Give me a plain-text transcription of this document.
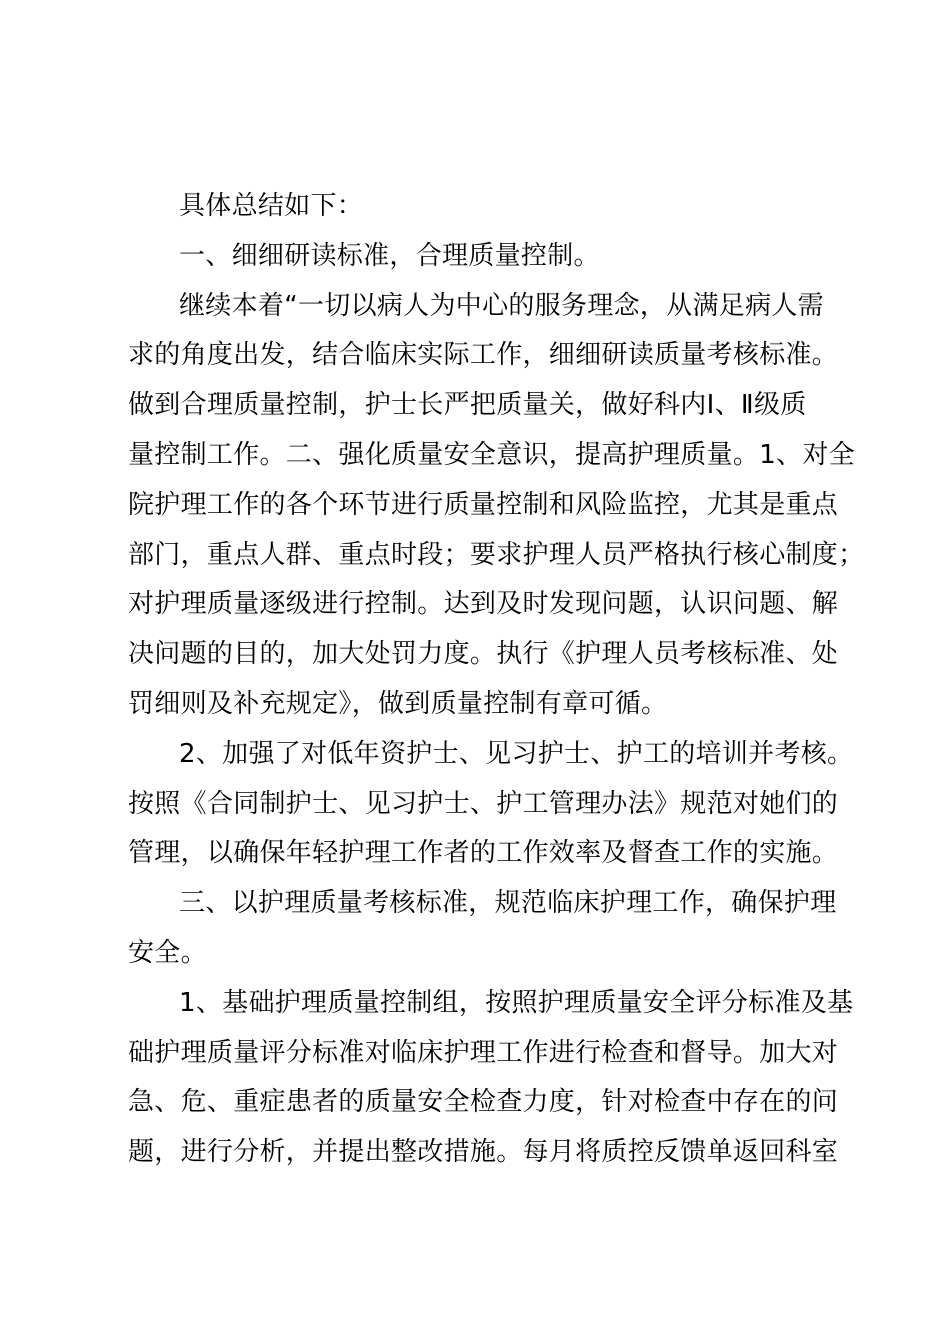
具体总结如下：
一、细细研读标准，合理质量控制。
继续本着“一切以病人为中心的服务理念，从满足病人需
求的角度出发，结合临床实际工作，细细研读质量考核标准。
做到合理质量控制，护士长严把质量关，做好科内Ⅰ、Ⅱ级质
量控制工作。二、强化质量安全意识，提高护理质量。1、对全
院护理工作的各个环节进行质量控制和风险监控，尤其是重点
部门，重点人群、重点时段；要求护理人员严格执行核心制度；
对护理质量逐级进行控制。达到及时发现问题，认识问题、解
决问题的目的，加大处罚力度。执行《护理人员考核标准、处
罚细则及补充规定》，做到质量控制有章可循。
2、加强了对低年资护士、见习护士、护工的培训并考核。
按照《合同制护士、见习护士、护工管理办法》规范对她们的
管理，以确保年轻护理工作者的工作效率及督查工作的实施。
三、以护理质量考核标准，规范临床护理工作，确保护理
安全。
1、基础护理质量控制组，按照护理质量安全评分标准及基
础护理质量评分标准对临床护理工作进行检查和督导。加大对
急、危、重症患者的质量安全检查力度，针对检查中存在的问
题，进行分析，并提出整改措施。每月将质控反馈单返回科室
